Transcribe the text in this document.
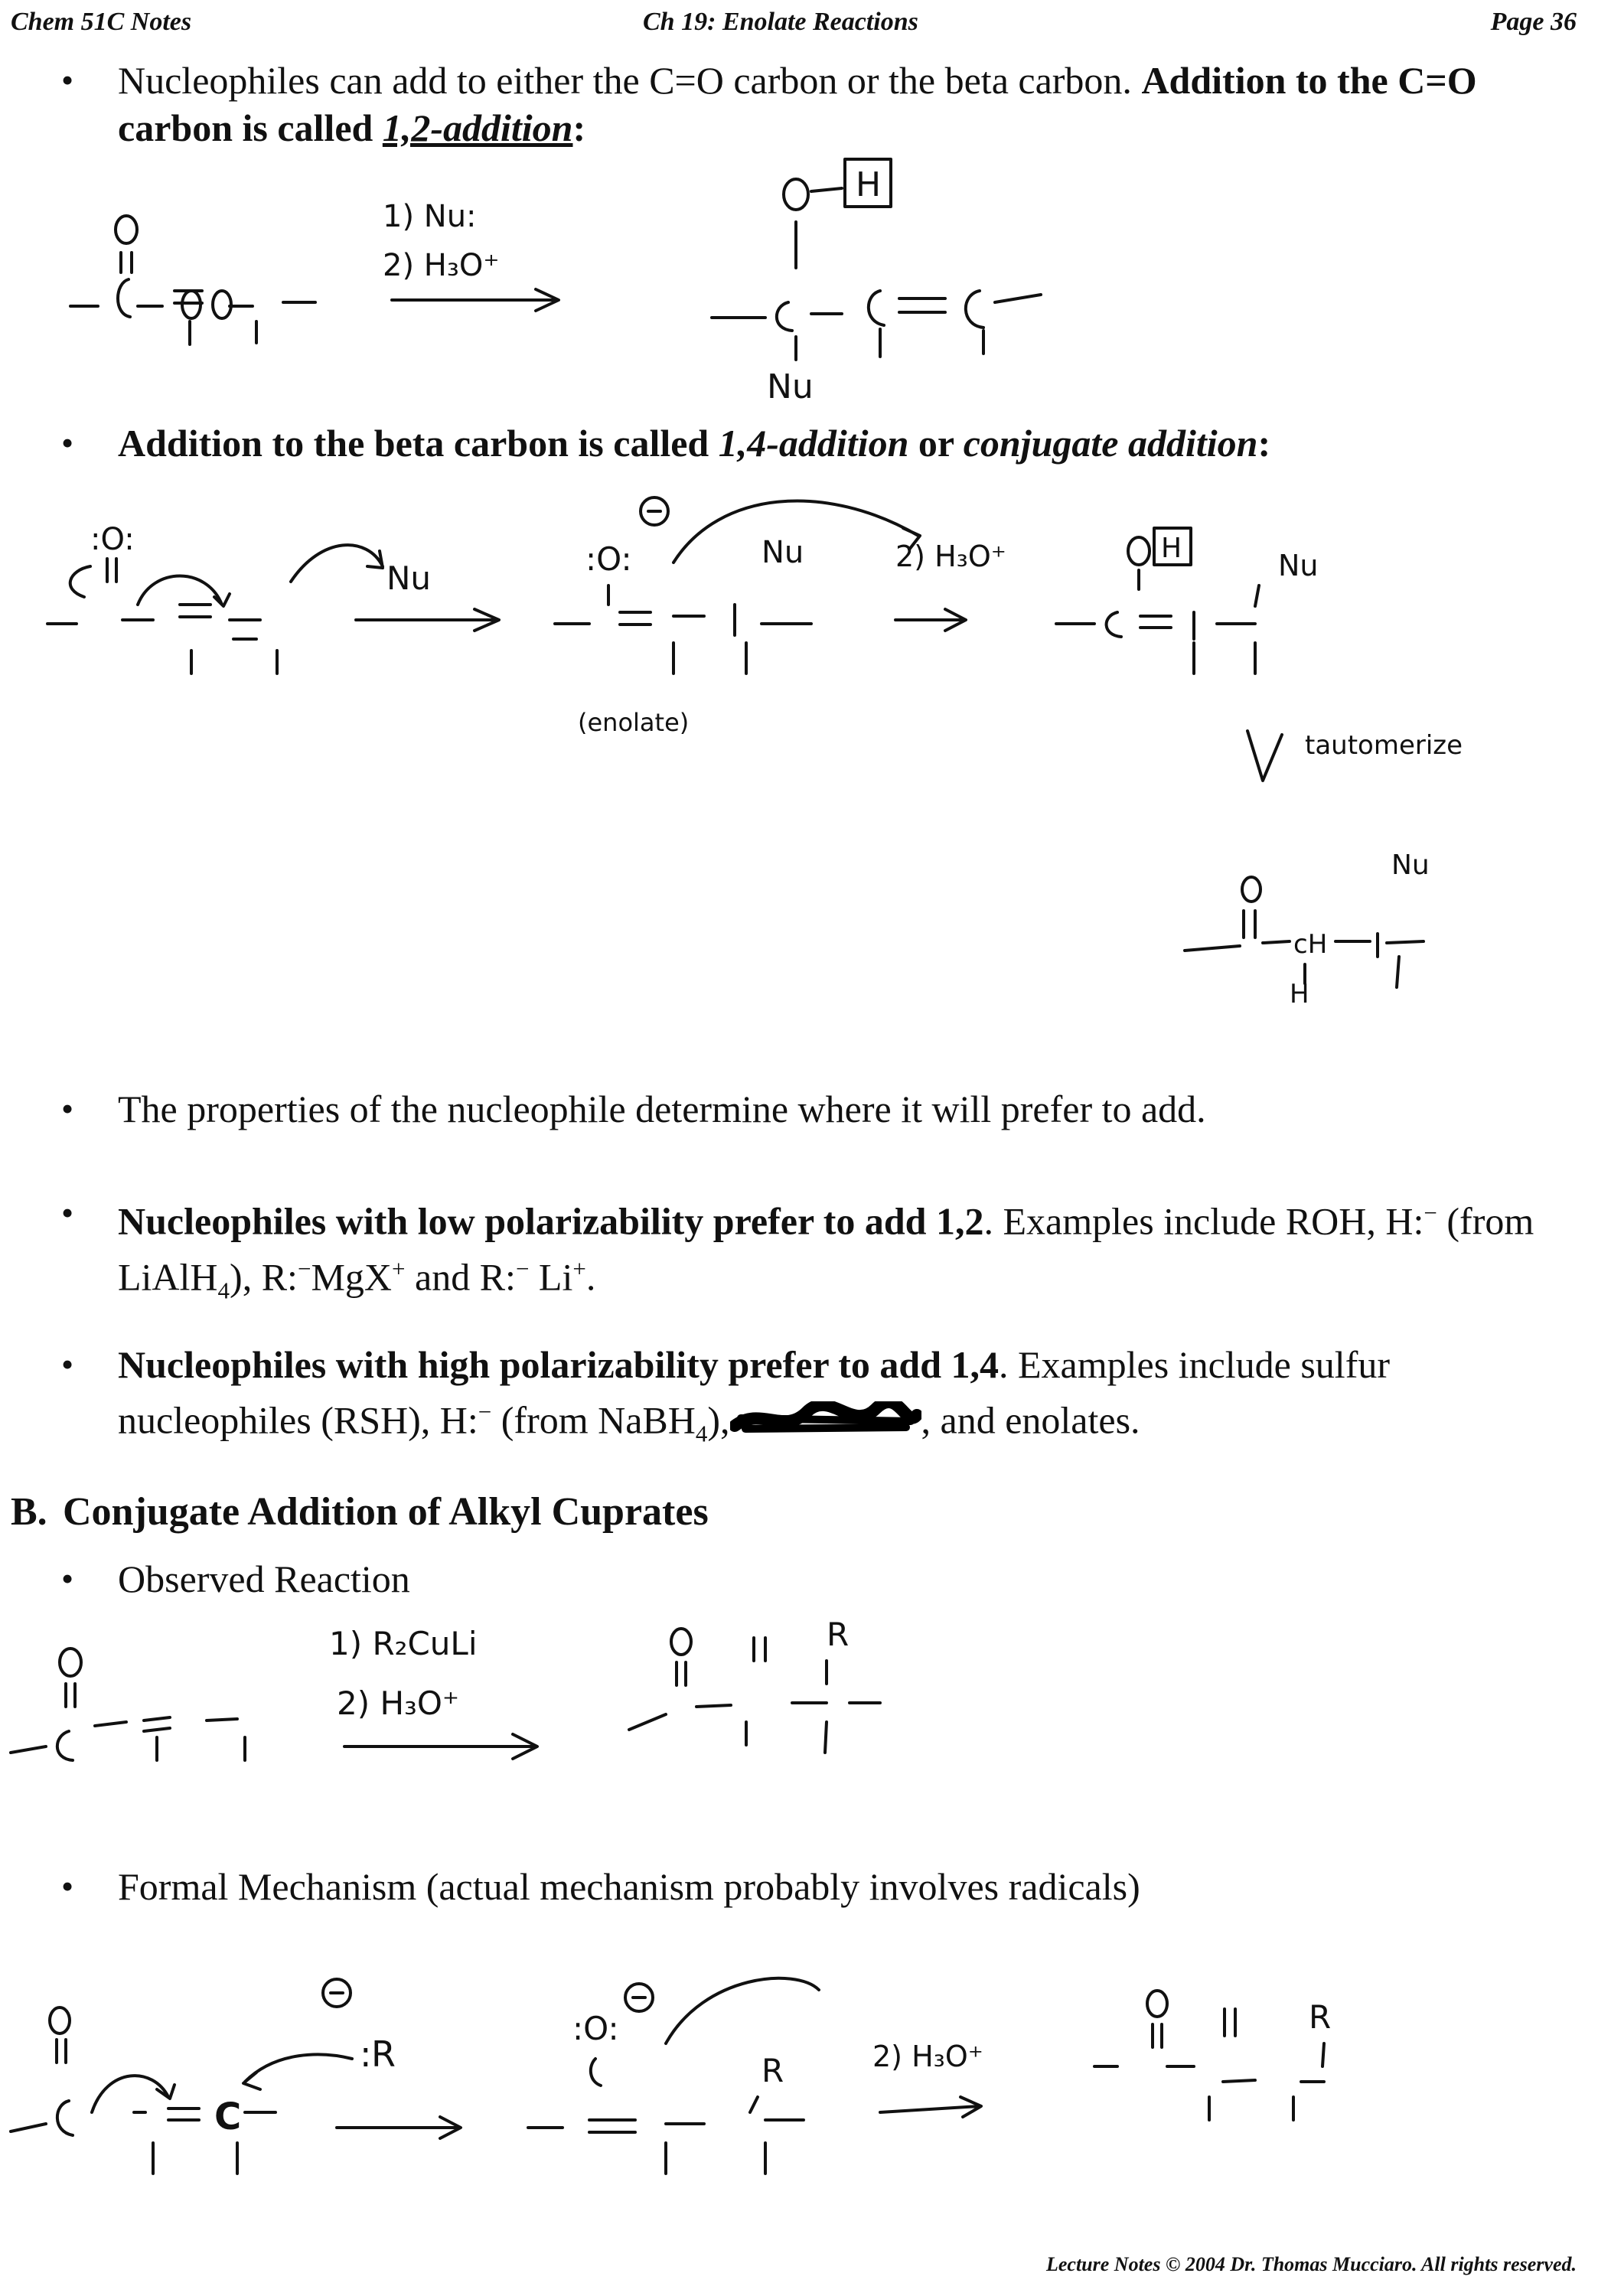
Chem 51C Notes	Ch 19: Enolate Reactions	Page 36
• Nucleophiles can add to either the C=O carbon or the beta carbon. Addition to the C=O carbon is called 1,2-addition:
• Addition to the beta carbon is called 1,4-addition or conjugate addition:
• The properties of the nucleophile determine where it will prefer to add.
• Nucleophiles with low polarizability prefer to add 1,2. Examples include ROH, H:− (from LiAlH$_4$), R:−MgX+ and R:− Li+.
• Nucleophiles with high polarizability prefer to add 1,4. Examples include sulfur nucleophiles (RSH), H:− (from NaBH$_4$),	, and enolates.
B. Conjugate Addition of Alkyl Cuprates
• Observed Reaction
• Formal Mechanism (actual mechanism probably involves radicals)
1) Nu:
2) H₃O⁺
H
Nu
:O:
Nu
:O:	Nu
(enolate)
2) H₃O⁺	H
Nu
tautomerize
cH
Nu
H
1) R₂CuLi
2) H₃O⁺
R
C
: R
:O:
R	2) H₃O⁺
R
Lecture Notes © 2004 Dr. Thomas Mucciaro. All rights reserved.
